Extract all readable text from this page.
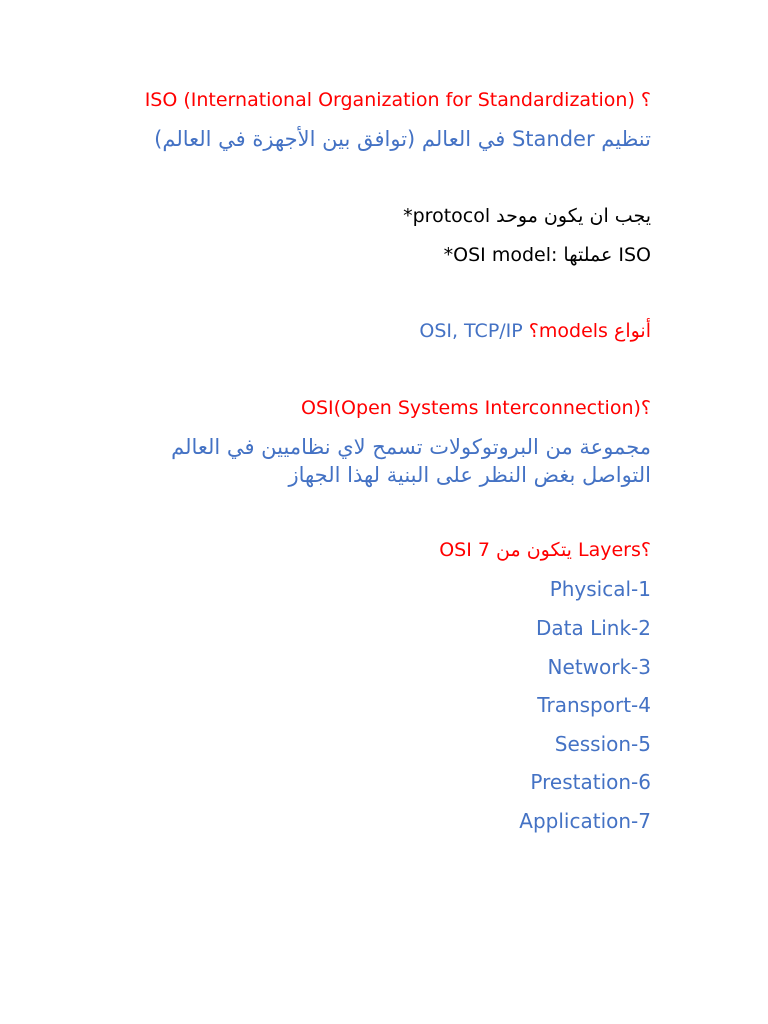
؟ ISO (International Organization for Standardization)
تنظيم Stander في العالم (توافق بين الأجهزة في العالم)
*protocol يجب ان يكون موحد
*OSI model: عملتها ISO
أنواع models؟ OSI, TCP/IP
OSI(Open Systems Interconnection)؟
مجموعة من البروتوكولات تسمح لاي نظاميين في العالم
التواصل بغض النظر على البنية لهذا الجهاز
OSI يتكون من 7 Layers؟
Physical-1
Data Link-2
Network-3
Transport-4
Session-5
Prestation-6
Application-7
